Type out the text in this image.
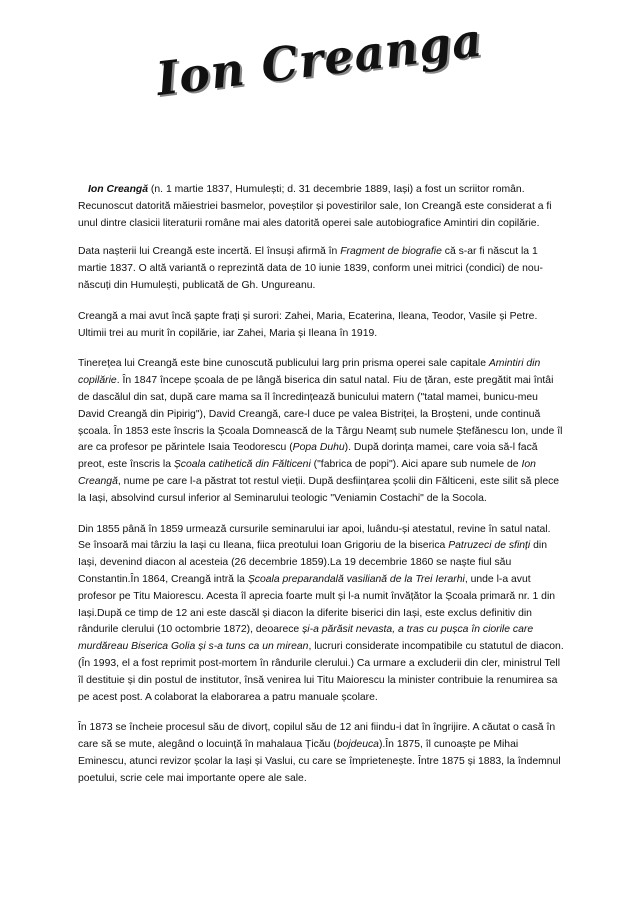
Ion Creanga

Ion Creangă (n. 1 martie 1837, Humulești; d. 31 decembrie 1889, Iași) a fost un scriitor român. Recunoscut datorită măiestriei basmelor, poveștilor și povestirilor sale, Ion Creangă este considerat a fi unul dintre clasicii literaturii române mai ales datorită operei sale autobiografice Amintiri din copilărie.

Data nașterii lui Creangă este incertă. El însuși afirmă în Fragment de biografie că s-ar fi născut la 1 martie 1837. O altă variantă o reprezintă data de 10 iunie 1839, conform unei mitrici (condici) de nou-născuți din Humulești, publicată de Gh. Ungureanu.

Creangă a mai avut încă șapte frați și surori: Zahei, Maria, Ecaterina, Ileana, Teodor, Vasile și Petre. Ultimii trei au murit în copilărie, iar Zahei, Maria și Ileana în 1919.

Tinerețea lui Creangă este bine cunoscută publicului larg prin prisma operei sale capitale Amintiri din copilărie. În 1847 începe școala de pe lângă biserica din satul natal. Fiu de țăran, este pregătit mai întâi de dascălul din sat, după care mama sa îl încredințează bunicului matern ("tatal mamei, bunicu-meu David Creangă din Pipirig"), David Creangă, care-l duce pe valea Bistriței, la Broșteni, unde continuă școala. În 1853 este înscris la Școala Domnească de la Târgu Neamț sub numele Ștefănescu Ion, unde îl are ca profesor pe părintele Isaia Teodorescu (Popa Duhu). După dorința mamei, care voia să-l facă preot, este înscris la Școala catihetică din Fălticeni ("fabrica de popi"). Aici apare sub numele de Ion Creangă, nume pe care l-a păstrat tot restul vieții. După desființarea școlii din Fălticeni, este silit să plece la Iași, absolvind cursul inferior al Seminarului teologic "Veniamin Costachi" de la Socola.

Din 1855 până în 1859 urmează cursurile seminarului iar apoi, luându-și atestatul, revine în satul natal. Se însoară mai târziu la Iași cu Ileana, fiica preotului Ioan Grigoriu de la biserica Patruzeci de sfinți din Iași, devenind diacon al acesteia (26 decembrie 1859).La 19 decembrie 1860 se naște fiul său Constantin.În 1864, Creangă intră la Școala preparandală vasiliană de la Trei Ierarhi, unde l-a avut profesor pe Titu Maiorescu. Acesta îl aprecia foarte mult și l-a numit învățător la Școala primară nr. 1 din Iași.După ce timp de 12 ani este dascăl și diacon la diferite biserici din Iași, este exclus definitiv din rândurile clerului (10 octombrie 1872), deoarece și-a părăsit nevasta, a tras cu pușca în ciorile care murdăreau Biserica Golia și s-a tuns ca un mirean, lucruri considerate incompatibile cu statutul de diacon. (În 1993, el a fost reprimit post-mortem în rândurile clerului.) Ca urmare a excluderii din cler, ministrul Tell îl destituie și din postul de institutor, însă venirea lui Titu Maiorescu la minister contribuie la renumirea sa pe acest post. A colaborat la elaborarea a patru manuale școlare.

În 1873 se încheie procesul său de divorț, copilul său de 12 ani fiindu-i dat în îngrijire. A căutat o casă în care să se mute, alegând o locuință în mahalaua Țicău (bojdeuca).În 1875, îl cunoaște pe Mihai Eminescu, atunci revizor școlar la Iași și Vaslui, cu care se împrietenește. Între 1875 și 1883, la îndemnul poetului, scrie cele mai importante opere ale sale.
